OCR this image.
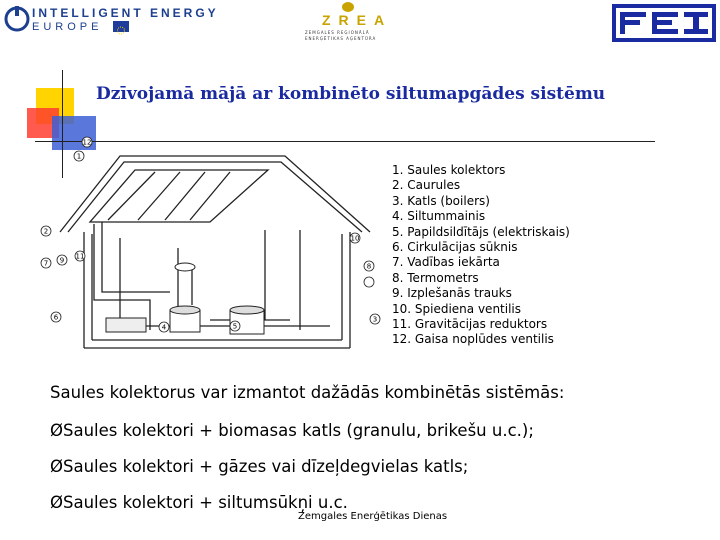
INTELLIGENT ENERGY
EUROPE	ZREA
ZEMGALES REĢIONĀLĀ
ENERĢĒTIKAS AĢENTŪRA
Dzīvojamā mājā ar kombinēto siltumapgādes sistēmu
12
1
2
10
7 9 11
6
4	5
8
3
1. Saules kolektors
2. Caurules
3. Katls (boilers)
4. Siltummainis
5. Papildsildītājs (elektriskais)
6. Cirkulācijas sūknis
7. Vadības iekārta
8. Termometrs
9. Izplešanās trauks
10. Spiediena ventilis
11. Gravitācijas reduktors
12. Gaisa noplūdes ventilis
Saules kolektorus var izmantot dažādās kombinētās sistēmās:
ØSaules kolektori + biomasas katls (granulu, brikešu u.c.);
ØSaules kolektori + gāzes vai dīzeļdegvielas katls;
ØSaules kolektori + siltumsūkņi u.c.
Zemgales Enerģētikas Dienas
